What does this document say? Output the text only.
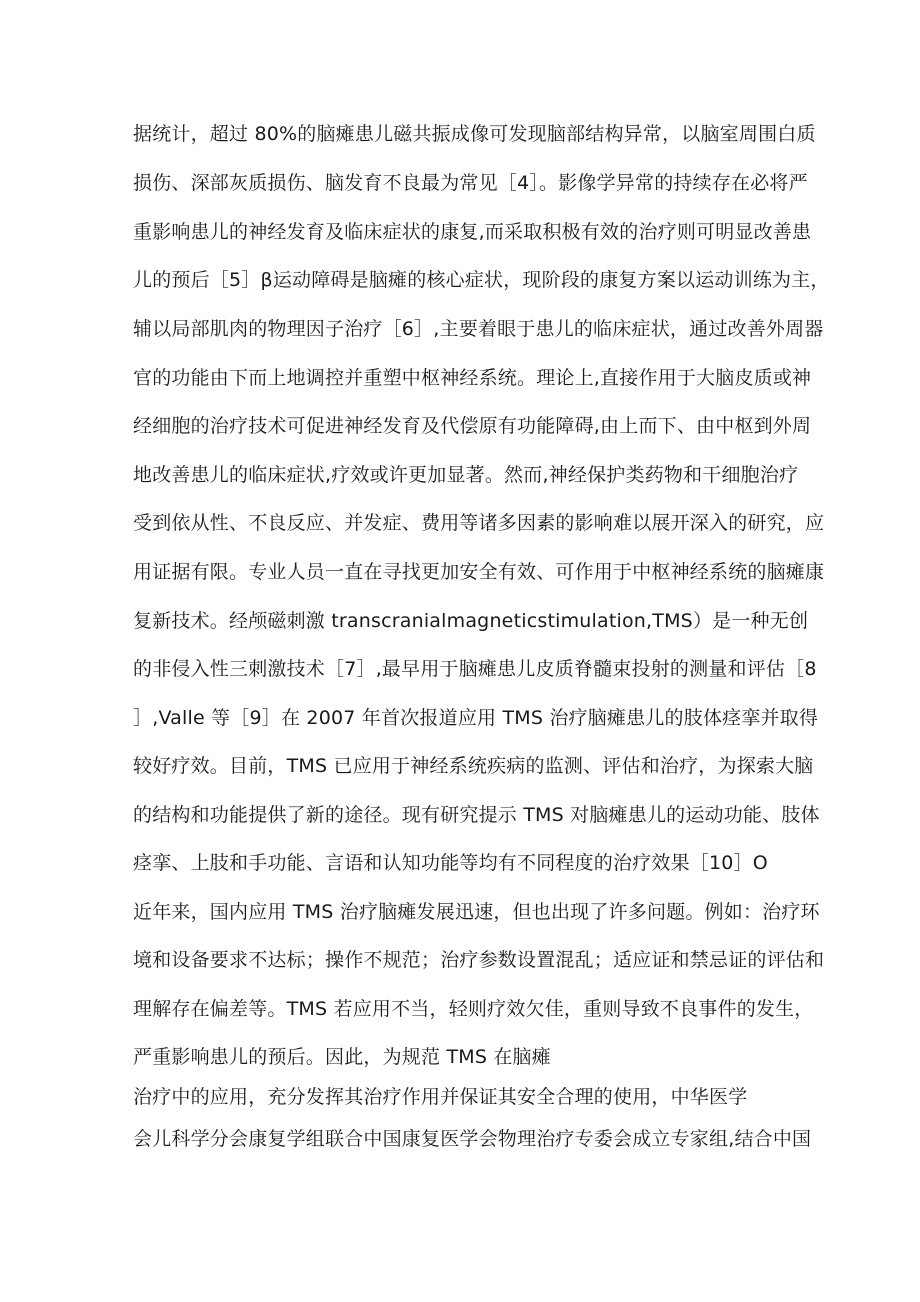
据统计，超过 80%的脑瘫患儿磁共振成像可发现脑部结构异常，以脑室周围白质

损伤、深部灰质损伤、脑发育不良最为常见［4］。影像学异常的持续存在必将严

重影响患儿的神经发育及临床症状的康复,而采取积极有效的治疗则可明显改善患

儿的预后［5］β运动障碍是脑瘫的核心症状，现阶段的康复方案以运动训练为主，

辅以局部肌肉的物理因子治疗［6］,主要着眼于患儿的临床症状，通过改善外周器

官的功能由下而上地调控并重塑中枢神经系统。理论上,直接作用于大脑皮质或神

经细胞的治疗技术可促进神经发育及代偿原有功能障碍,由上而下、由中枢到外周

地改善患儿的临床症状,疗效或许更加显著。然而,神经保护类药物和干细胞治疗

受到依从性、不良反应、并发症、费用等诸多因素的影响难以展开深入的研究，应

用证据有限。专业人员一直在寻找更加安全有效、可作用于中枢神经系统的脑瘫康

复新技术。经颅磁刺激 transcranialmagneticstimulation,TMS）是一种无创

的非侵入性三刺激技术［7］,最早用于脑瘫患儿皮质脊髓束投射的测量和评估［8

］,Valle 等［9］在 2007 年首次报道应用 TMS 治疗脑瘫患儿的肢体痉挛并取得

较好疗效。目前，TMS 已应用于神经系统疾病的监测、评估和治疗，为探索大脑

的结构和功能提供了新的途径。现有研究提示 TMS 对脑瘫患儿的运动功能、肢体

痉挛、上肢和手功能、言语和认知功能等均有不同程度的治疗效果［10］O

近年来，国内应用 TMS 治疗脑瘫发展迅速，但也出现了许多问题。例如：治疗环

境和设备要求不达标；操作不规范；治疗参数设置混乱；适应证和禁忌证的评估和

理解存在偏差等。TMS 若应用不当，轻则疗效欠佳，重则导致不良事件的发生，

严重影响患儿的预后。因此，为规范 TMS 在脑瘫

治疗中的应用，充分发挥其治疗作用并保证其安全合理的使用，中华医学

会儿科学分会康复学组联合中国康复医学会物理治疗专委会成立专家组,结合中国
